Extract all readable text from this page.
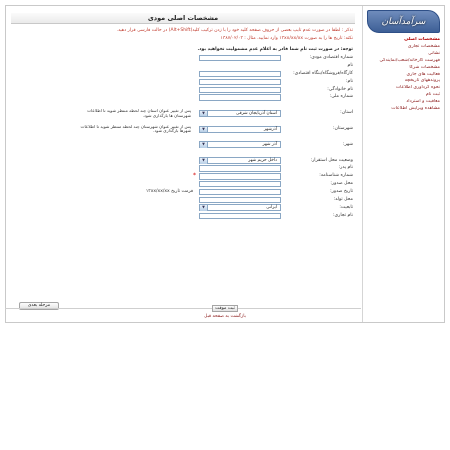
سرآمدآسان
مشخصات اصلی
مشخصات تجاری
نشانی
فهرست کارخانه/شعب/نمایندگی
مشخصات شرکا
فعالیت های جاری
پروندههای تاریخچه
نحوه گردآوری اطلاعات
ثبت نام
معافیت و استرداد
مشاهده ویرایش اطلاعات
مشخصات اصلی مودی
تذکر : لطفا در صورت عدم تایپ بعضی از حروف صفحه کلید خود را با زدن ترکیب کلید(Alt+Shift) در حالت فارسی قرار دهید.
نکته: تاریخ ها را به صورت ۱۳xx/xx/xx وارد نمایید. مثال : ۱۳۸۷/۰۲/۰۳
توجه: در صورت ثبت نام شما قادر به اعلام عدم مشمولیت نخواهید بود.
شماره اقتصادی مودی:
نام
کارگاه/فروشگاه/بنگاه اقتصادی:
نام:
نام خانوادگی:
شماره ملی:
استان:
استان آذربایجان شرقی
▼
پس از تغییر عنوان استان چند لحظه منتظر شوید تا اطلاعات شهرستان ها بارگذاری شود.
شهرستان:
آذرشهر
▼
پس از تغییر عنوان شهرستان چند لحظه منتظر شوید تا اطلاعات شهرها بارگذاری شود.
شهر:
آذر شهر
▼
وضعیت محل استقرار:
داخل حریم شهر
▼
نام پدر:
شماره شناسنامه:
*
محل صدور:
تاریخ صدور:
فرمت تاریخ ۱۳xx/xx/xx
محل تولد:
تابعیت:
ایرانی
▼
نام تجاری:
مرحله بعدی
ثبت موقت
بازگشت به صفحه قبل
